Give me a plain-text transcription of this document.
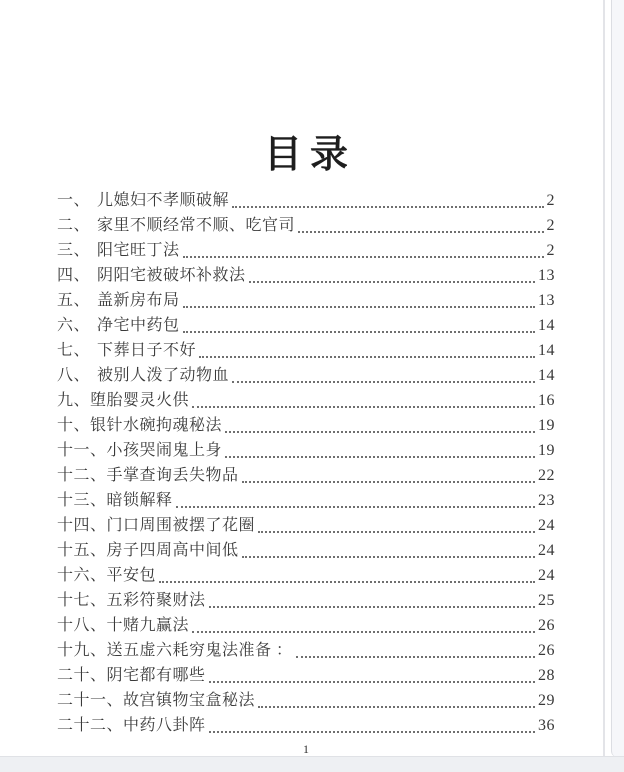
目录
一、 儿媳妇不孝顺破解	2
二、 家里不顺经常不顺、吃官司	2
三、 阳宅旺丁法	2
四、 阴阳宅被破坏补救法	13
五、 盖新房布局	13
六、 净宅中药包	14
七、 下葬日子不好	14
八、 被别人泼了动物血	14
九、 堕胎婴灵火供	16
十、 银针水碗拘魂秘法	19
十一、 小孩哭闹鬼上身	19
十二、 手掌查询丢失物品	22
十三、 暗锁解释	23
十四、 门口周围被摆了花圈	24
十五、 房子四周高中间低	24
十六、 平安包	24
十七、 五彩符聚财法	25
十八、 十赌九赢法	26
十九、 送五虚六耗穷鬼法准备 ：	26
二十、 阴宅都有哪些	28
二十一、 故宫镇物宝盒秘法	29
二十二、 中药八卦阵	36
1
